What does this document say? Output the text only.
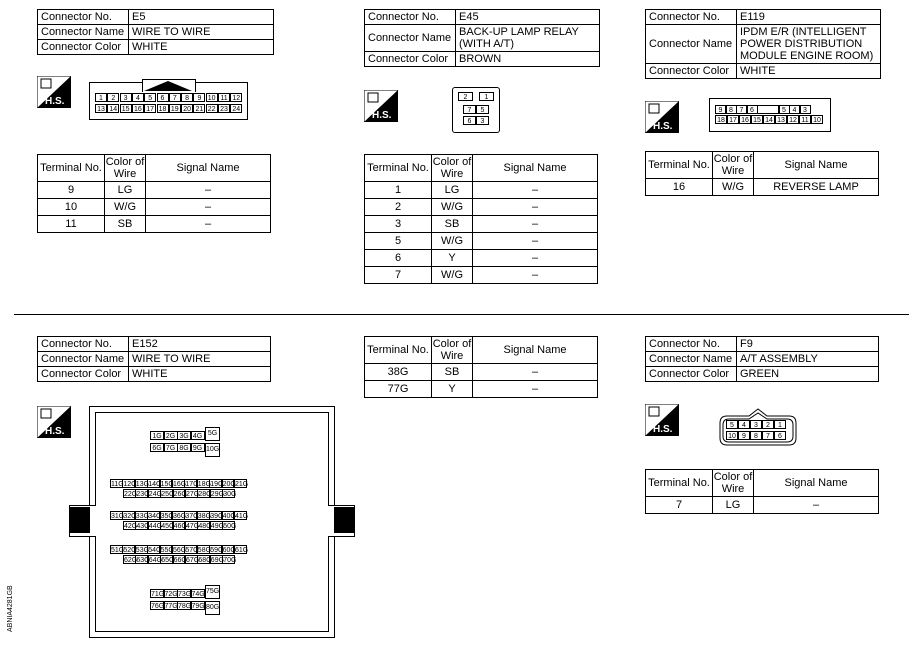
Connector No.	E5
Connector Name	WIRE TO WIRE
Connector Color	WHITE
H.S.	1	2	3	4	5	6	7	8	9 10 11 12
13 14 15 16 17 18 19 20 21 22 23 24
Terminal No.	Color of Wire	Signal Name
9	LG	–
10	W/G	–
11	SB	–
Connector No.	E45
Connector Name	BACK-UP LAMP RELAY (WITH A/T)
Connector Color	BROWN
H.S.
2	1
7	5
6	3
Terminal No.	Color of Wire	Signal Name
1	LG	–
2	W/G	–
3	SB	–
5	W/G	–
6	Y	–
7	W/G	–
Connector No.	E119
Connector Name	IPDM E/R (INTELLIGENT POWER DISTRIBUTION MODULE ENGINE ROOM)
Connector Color	WHITE
H.S.
9 8 7 6	5 4 3
18 17 16 15 14 13 12 11 10
Terminal No.	Color of Wire	Signal Name
16	W/G	REVERSE LAMP
Connector No.	E152
Connector Name	WIRE TO WIRE
Connector Color	WHITE
H.S.	1G 2G 3G 4G 5G
6G 7G 8G 9G 10G
11G 12G 13G 14G 15G 16G 17G 18G 19G 20G 21G
22G 23G 24G 25G 26G 27G 28G 29G 30G
31G 32G 33G 34G 35G 36G 37G 38G 39G 40G 41G
42G 43G 44G 45G 46G 47G 48G 49G 50G
51G 52G 53G 54G 55G 56G 57G 58G 59G 60G 61G
62G 63G 64G 65G 66G 67G 68G 69G 70G
71G 72G 73G 74G 75G
76G 77G 78G 79G 80G
Terminal No.	Color of Wire	Signal Name
38G	SB	–
77G	Y	–
Connector No.	F9
Connector Name	A/T ASSEMBLY
Connector Color	GREEN
H.S.	5	4	3	2	1
10 9	8	7	6
Terminal No.	Color of Wire	Signal Name
7	LG	–
ABNIA4281GB
